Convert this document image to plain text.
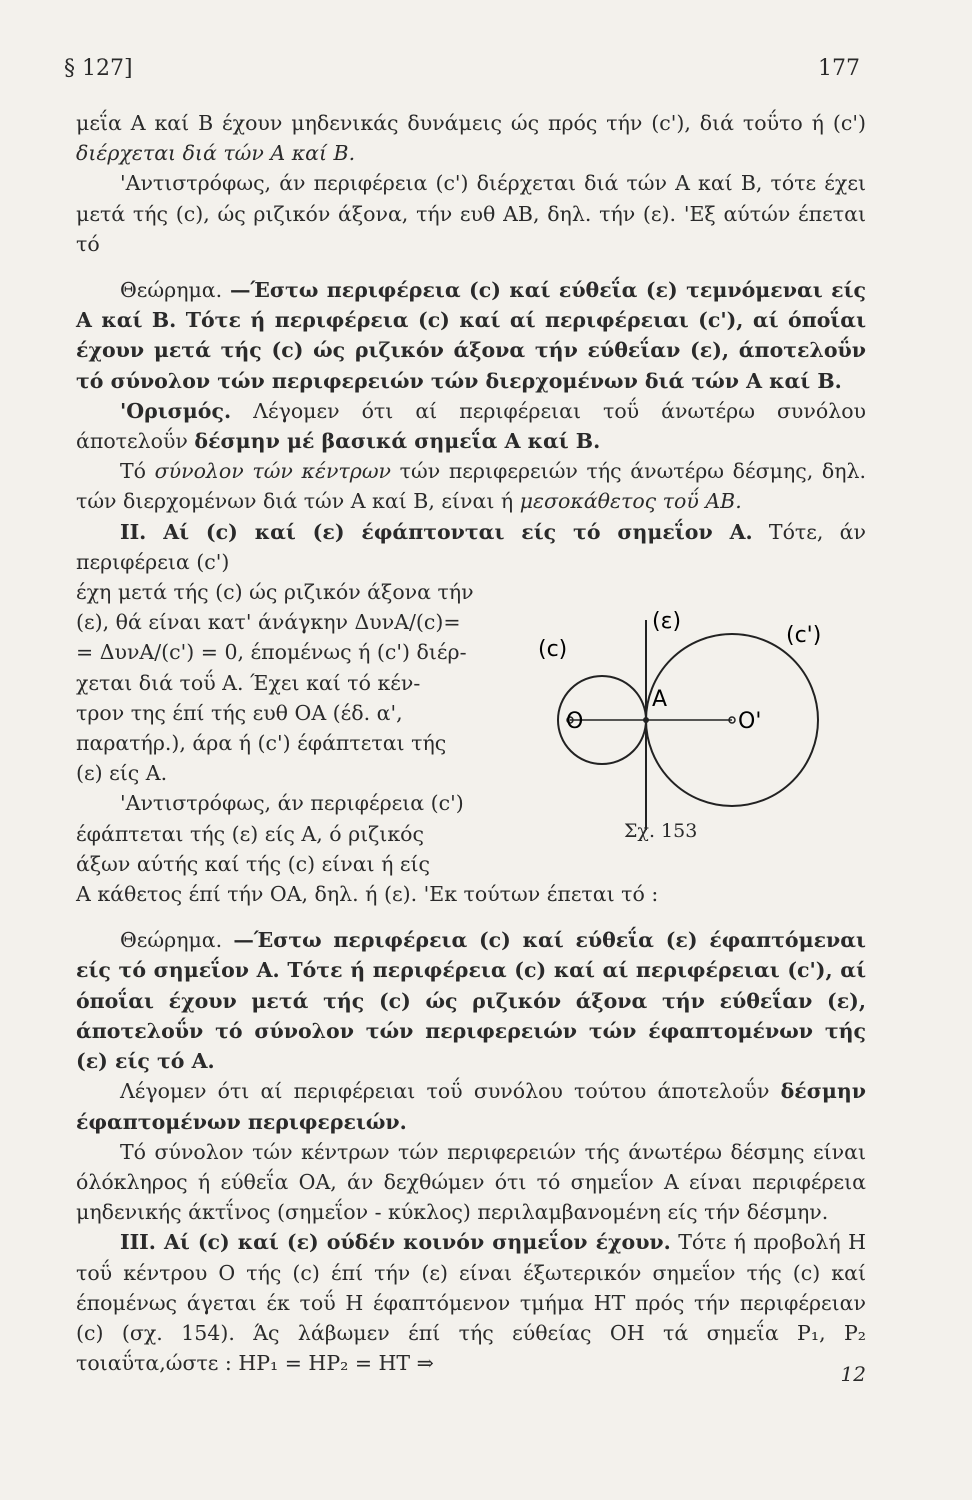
§ 127]	177

μεΐα Α καί Β έχουν μηδενικάς δυνάμεις ώς πρός τήν (c'), διά τοΰτο ή (c') διέρχεται διά τών Α καί Β.

'Αντιστρόφως, άν περιφέρεια (c') διέρχεται διά τών Α καί Β, τότε έχει μετά τής (c), ώς ριζικόν άξονα, τήν ευθ ΑΒ, δηλ. τήν (ε). 'Εξ αύτών έπεται τό

Θεώρημα. —Έστω περιφέρεια (c) καί εύθεΐα (ε) τεμνόμεναι είς Α καί Β. Τότε ή περιφέρεια (c) καί αί περιφέρειαι (c'), αί όποΐαι έχουν μετά τής (c) ώς ριζικόν άξονα τήν εύθεΐαν (ε), άποτελοΰν τό σύνολον τών περιφερειών τών διερχομένων διά τών Α καί Β.

'Ορισμός. Λέγομεν ότι αί περιφέρειαι τοΰ άνωτέρω συνόλου άποτελοΰν δέσμην μέ βασικά σημεΐα Α καί Β.

Τό σύνολον τών κέντρων τών περιφερειών τής άνωτέρω δέσμης, δηλ. τών διερχομένων διά τών Α καί Β, είναι ή μεσοκάθετος τοΰ ΑΒ.

ΙΙ. Αί (c) καί (ε) έφάπτονται είς τό σημεΐον Α. Τότε, άν περιφέρεια (c')

έχη μετά τής (c) ώς ριζικόν άξονα τήν

(ε), θά είναι κατ' άνάγκην ΔυνΑ/(c)=

= ΔυνΑ/(c') = 0, έπομένως ή (c') διέρ-

χεται διά τοΰ Α. Έχει καί τό κέν-

τρον της έπί τής ευθ ΟΑ (έδ. α',

παρατήρ.), άρα ή (c') έφάπτεται τής

(ε) είς Α.

'Αντιστρόφως, άν περιφέρεια (c')

έφάπτεται τής (ε) είς Α, ό ριζικός

άξων αύτής καί τής (c) είναι ή είς

Α κάθετος έπί τήν ΟΑ, δηλ. ή (ε). 'Εκ τούτων έπεται τό :

Θεώρημα. —Έστω περιφέρεια (c) καί εύθεΐα (ε) έφαπτόμεναι είς τό σημεΐον Α. Τότε ή περιφέρεια (c) καί αί περιφέρειαι (c'), αί όποΐαι έχουν μετά τής (c) ώς ριζικόν άξονα τήν εύθεΐαν (ε), άποτελοΰν τό σύνολον τών περιφερειών τών έφαπτομένων τής (ε) είς τό Α.

Λέγομεν ότι αί περιφέρειαι τοΰ συνόλου τούτου άποτελοΰν δέσμην έφαπτομένων περιφερειών.

Τό σύνολον τών κέντρων τών περιφερειών τής άνωτέρω δέσμης είναι όλόκληρος ή εύθεΐα ΟΑ, άν δεχθώμεν ότι τό σημεΐον Α είναι περιφέρεια μηδενικής άκτΐνος (σημεΐον - κύκλος) περιλαμβανομένη είς τήν δέσμην.

ΙΙΙ. Αί (c) καί (ε) ούδέν κοινόν σημεΐον έχουν. Τότε ή προβολή Η τοΰ κέντρου Ο τής (c) έπί τήν (ε) είναι έξωτερικόν σημεΐον τής (c) καί έπομένως άγεται έκ τοΰ Η έφαπτόμενον τμήμα ΗΤ πρός τήν περιφέρειαν (c) (σχ. 154). Άς λάβωμεν έπί τής εύθείας ΟΗ τά σημεΐα P₁, P₂ τοιαΰτα,ώστε : HP₁ = HP₂ = HT ⇒

(ε)
(c)
(c')
A
O	O'
Σχ. 153
12
